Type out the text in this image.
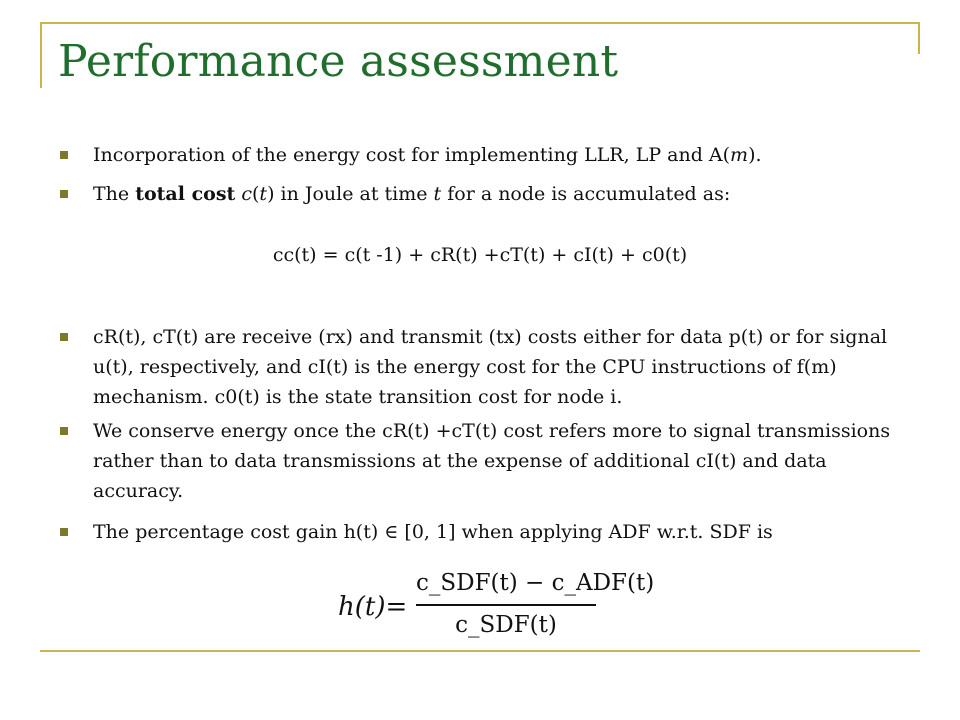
Performance assessment
Incorporation of the energy cost for implementing LLR, LP and A(m).
The total cost c(t) in Joule at time t for a node is accumulated as:
cc(t) = c(t -1) + cR(t) +cT(t) + cI(t) + c0(t)
cR(t), cT(t) are receive (rx) and transmit (tx) costs either for data p(t) or for signal u(t), respectively, and cI(t) is the energy cost for the CPU instructions of f(m) mechanism. c0(t) is the state transition cost for node i.
We conserve energy once the cR(t) +cT(t) cost refers more to signal transmissions rather than to data transmissions at the expense of additional cI(t) and data accuracy.
The percentage cost gain h(t) ∈ [0, 1] when applying ADF w.r.t. SDF is
h(t)=
c_SDF(t) − c_ADF(t)
c_SDF(t)
